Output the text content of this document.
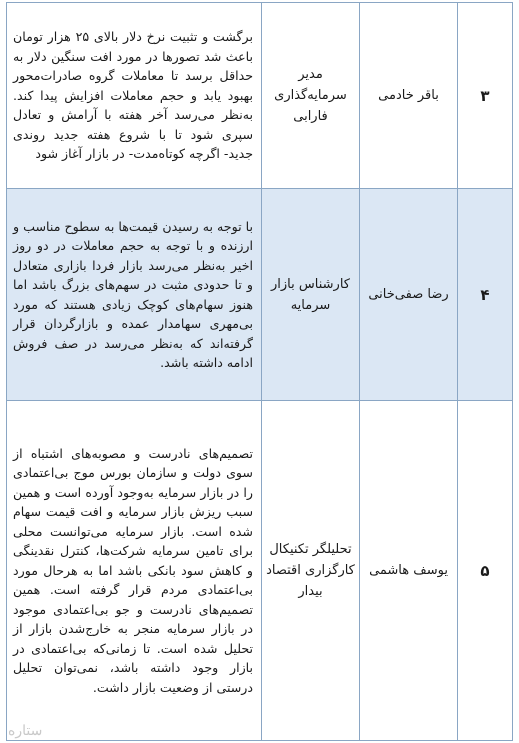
۳
باقر خادمی
مدیر سرمایه‌گذاری فارابی
برگشت و تثبیت نرخ دلار بالای ۲۵ هزار تومان باعث شد تصورها در مورد افت سنگین دلار به حداقل برسد تا معاملات گروه صادرات‌محور بهبود یابد و حجم معاملات افزایش پیدا کند. به‌نظر می‌رسد آخر هفته با آرامش و تعادل سپری شود تا با شروع هفته جدید روندی جدید- اگرچه کوتاه‌مدت- در بازار آغاز شود
۴
رضا صفی‌خانی
کارشناس بازار سرمایه
با توجه به رسیدن قیمت‌ها به سطوح مناسب و ارزنده و با توجه به حجم معاملات در دو روز اخیر به‌نظر می‌رسد بازار فردا بازاری متعادل و تا حدودی مثبت در سهم‌های بزرگ باشد اما هنوز سهام‌های کوچک زیادی هستند که مورد بی‌مهری سهامدار عمده و بازارگردان قرار گرفته‌اند که به‌نظر می‌رسد در صف فروش ادامه داشته باشد.
۵
یوسف هاشمی
تحلیلگر تکنیکال کارگزاری اقتصاد بیدار
تصمیم‌های نادرست و مصوبه‌های اشتباه از سوی دولت و سازمان بورس موج بی‌اعتمادی را در بازار سرمایه به‌وجود آورده است و همین سبب ریزش بازار سرمایه و افت قیمت سهام شده است. بازار سرمایه می‌توانست محلی برای تامین سرمایه شرکت‌ها، کنترل نقدینگی و کاهش سود بانکی باشد اما به هرحال مورد بی‌اعتمادی مردم قرار گرفته است. همین تصمیم‌های نادرست و جو بی‌اعتمادی موجود در بازار سرمایه منجر به خارج‌شدن بازار از تحلیل شده است. تا زمانی‌که بی‌اعتمادی در بازار وجود داشته باشد، نمی‌توان تحلیل درستی از وضعیت بازار داشت.
ستاره
